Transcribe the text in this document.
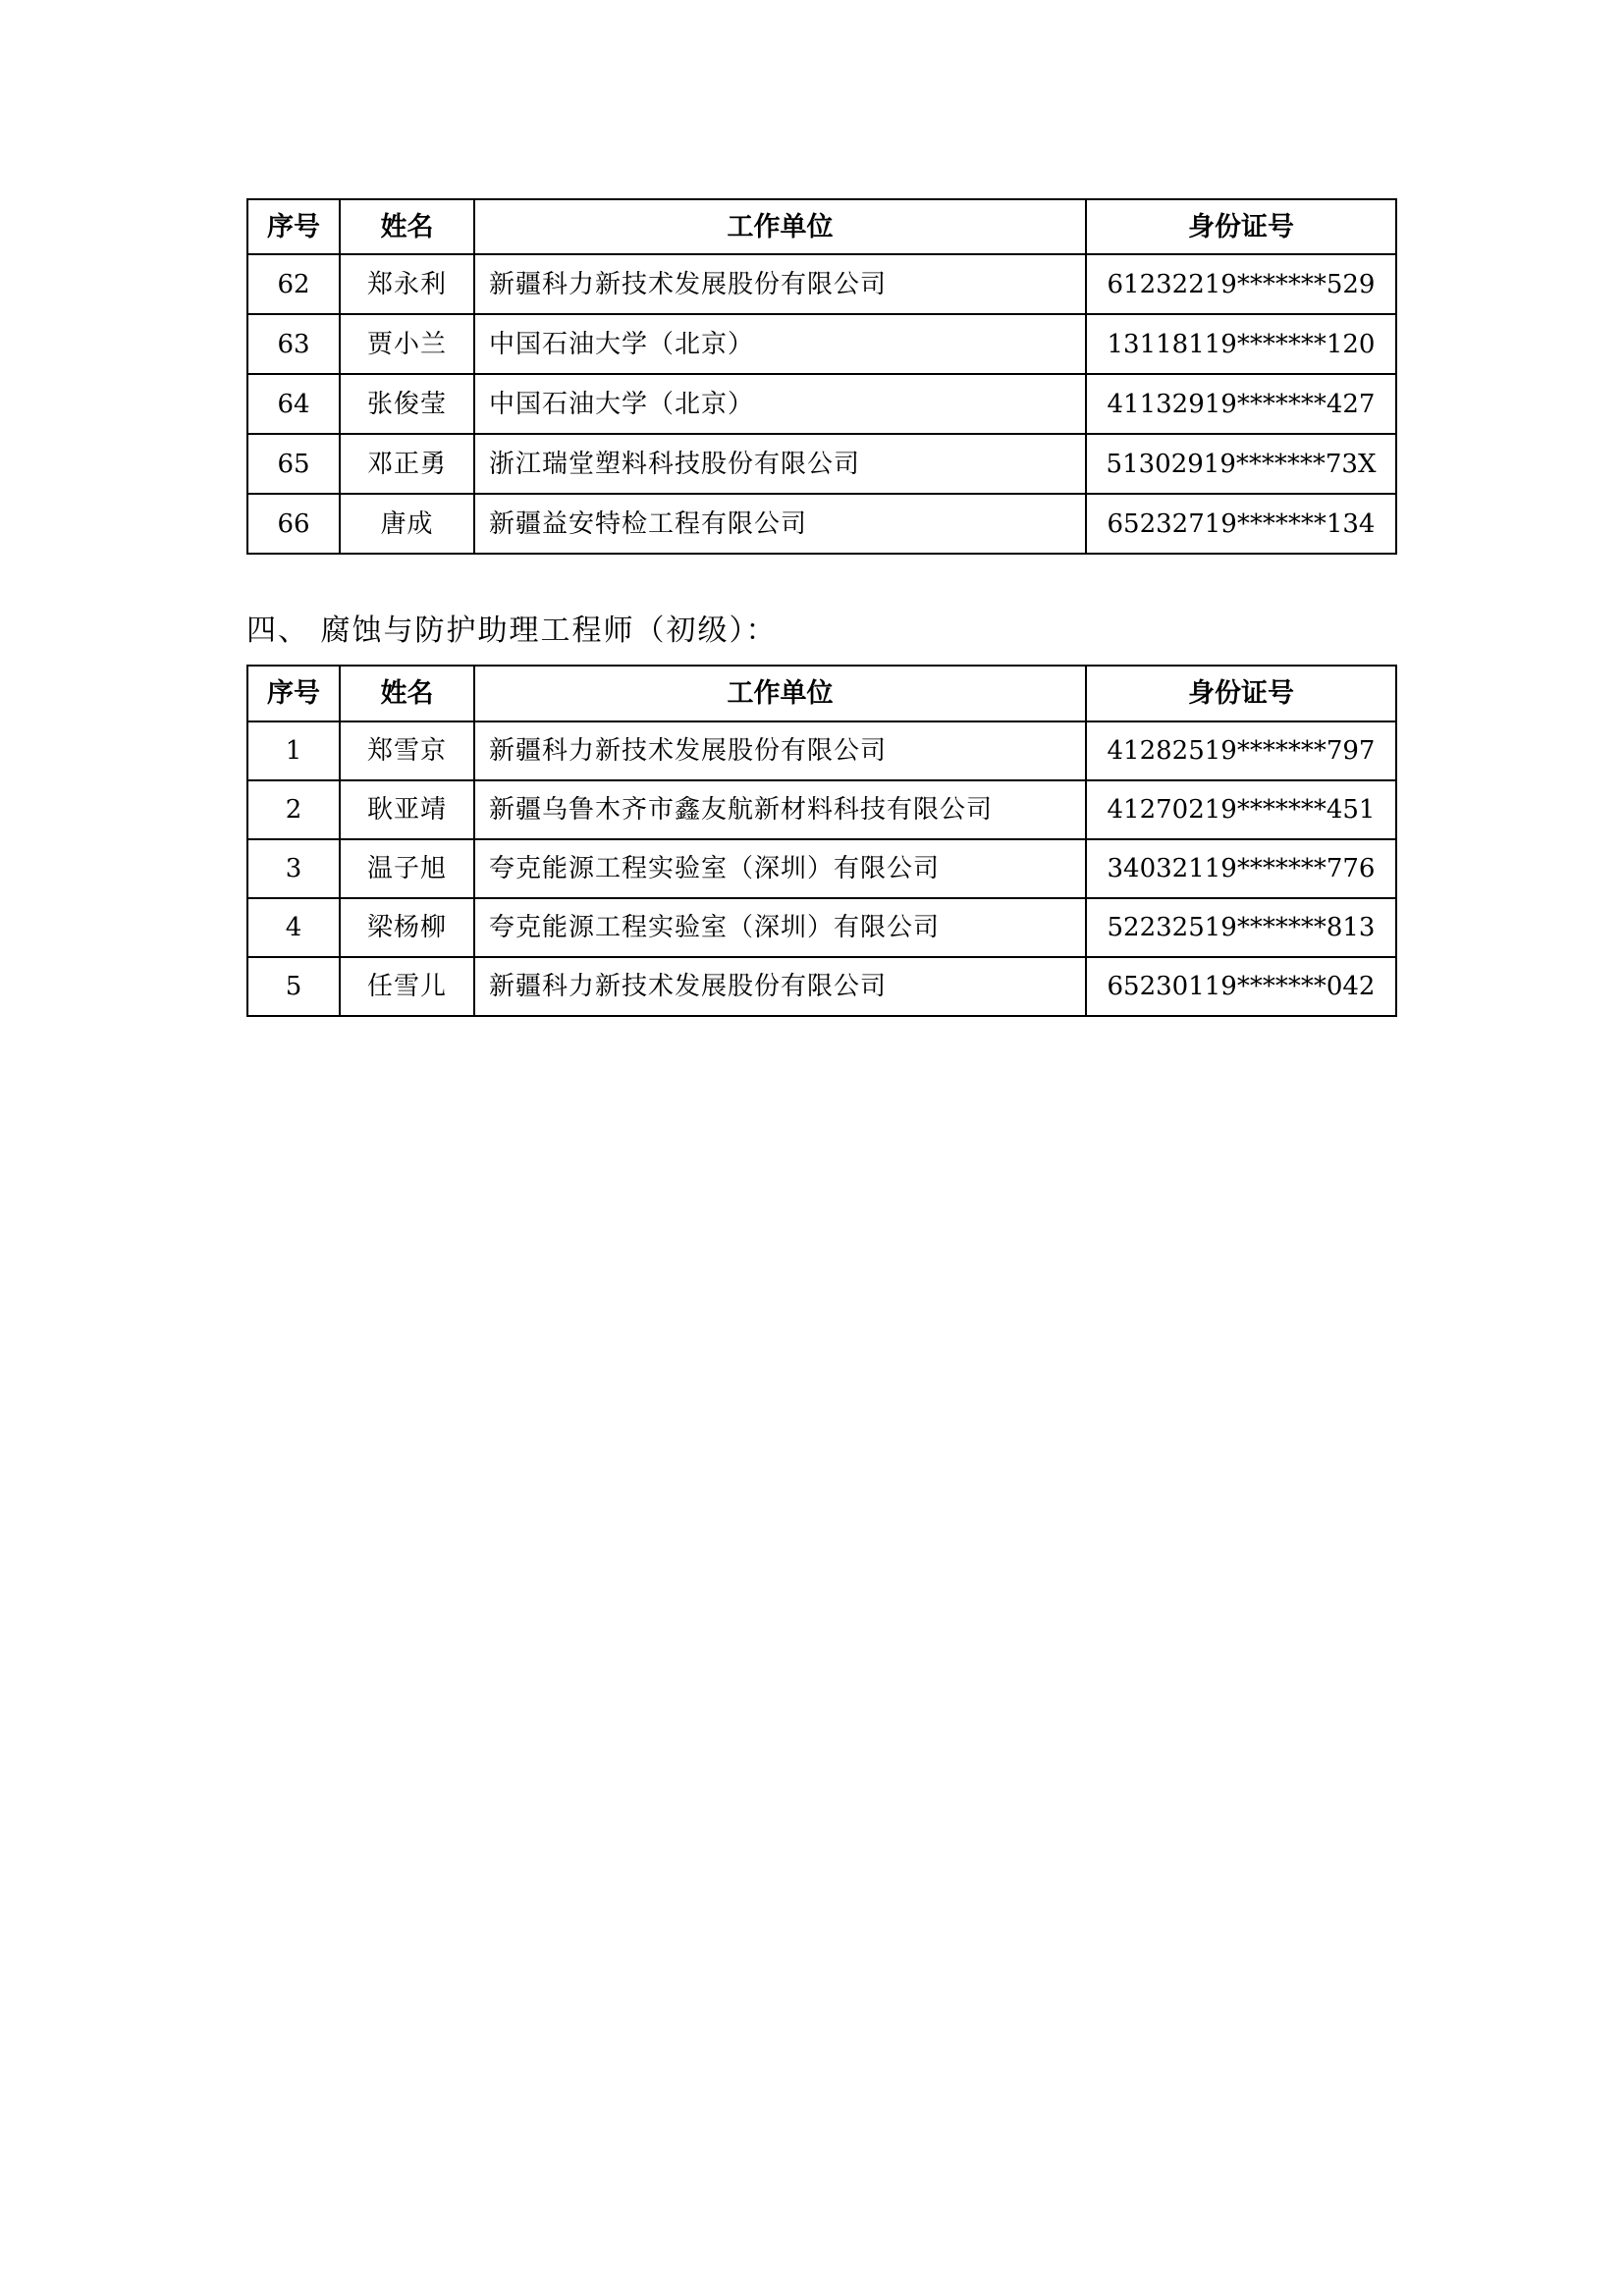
序号	姓名	工作单位	身份证号
62	郑永利	新疆科力新技术发展股份有限公司	61232219*******529
63	贾小兰	中国石油大学（北京）	13118119*******120
64	张俊莹	中国石油大学（北京）	41132919*******427
65	邓正勇	浙江瑞堂塑料科技股份有限公司	51302919*******73X
66	唐成	新疆益安特检工程有限公司	65232719*******134
四、 腐蚀与防护助理工程师（初级）：
序号	姓名	工作单位	身份证号
1	郑雪京	新疆科力新技术发展股份有限公司	41282519*******797
2	耿亚靖	新疆乌鲁木齐市鑫友航新材料科技有限公司	41270219*******451
3	温子旭	夸克能源工程实验室（深圳）有限公司	34032119*******776
4	梁杨柳	夸克能源工程实验室（深圳）有限公司	52232519*******813
5	任雪儿	新疆科力新技术发展股份有限公司	65230119*******042
